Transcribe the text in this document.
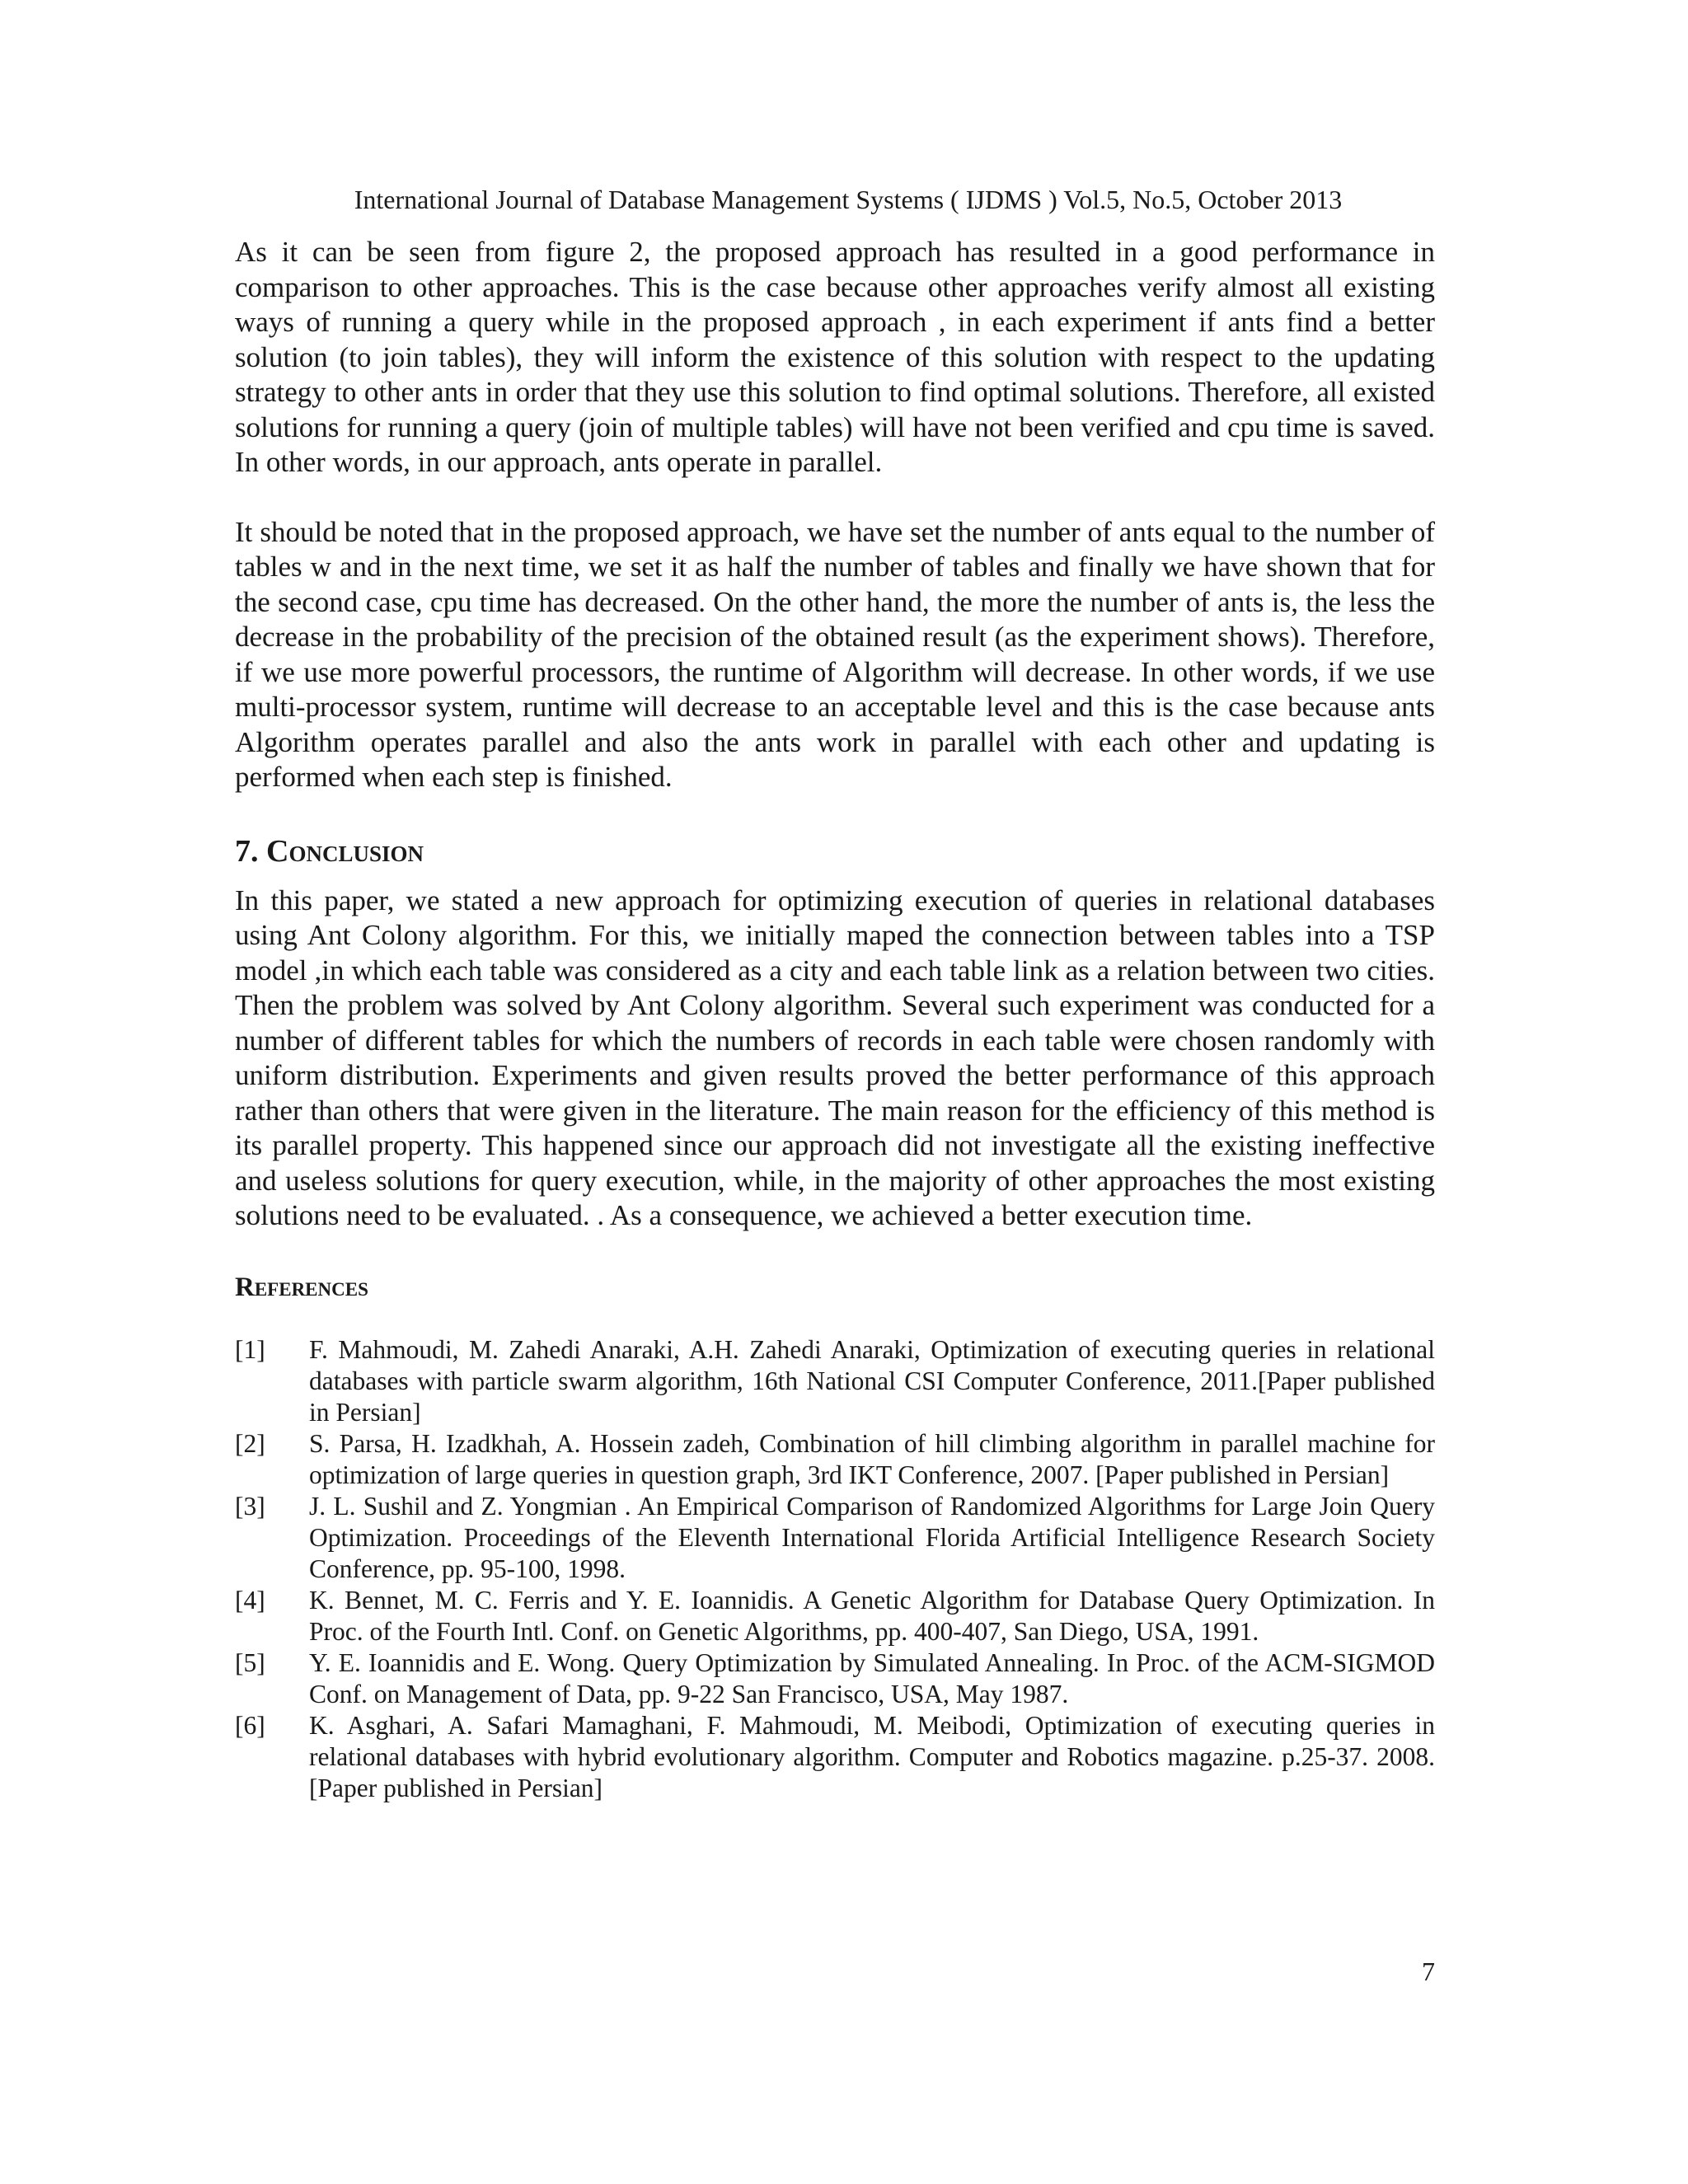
International Journal of Database Management Systems ( IJDMS ) Vol.5, No.5, October 2013

As it can be seen from figure 2, the proposed approach has resulted in a good performance in comparison to other approaches. This is the case because other approaches verify almost all existing ways of running a query while in the proposed approach , in each experiment if ants find a better solution (to join tables), they will inform the existence of this solution with respect to the updating strategy to other ants in order that they use this solution to find optimal solutions. Therefore, all existed solutions for running a query (join of multiple tables) will have not been verified and cpu time is saved. In other words, in our approach, ants operate in parallel.

It should be noted that in the proposed approach, we have set the number of ants equal to the number of tables w and in the next time, we set it as half the number of tables and finally we have shown that for the second case, cpu time has decreased. On the other hand, the more the number of ants is, the less the decrease in the probability of the precision of the obtained result (as the experiment shows). Therefore, if we use more powerful processors, the runtime of Algorithm will decrease. In other words, if we use multi-processor system, runtime will decrease to an acceptable level and this is the case because ants Algorithm operates parallel and also the ants work in parallel with each other and updating is performed when each step is finished.

7. Conclusion

In this paper, we stated a new approach for optimizing execution of queries in relational databases using Ant Colony algorithm. For this, we initially maped the connection between tables into a TSP model ,in which each table was considered as a city and each table link as a relation between two cities. Then the problem was solved by Ant Colony algorithm. Several such experiment was conducted for a number of different tables for which the numbers of records in each table were chosen randomly with uniform distribution. Experiments and given results proved the better performance of this approach rather than others that were given in the literature. The main reason for the efficiency of this method is its parallel property. This happened since our approach did not investigate all the existing ineffective and useless solutions for query execution, while, in the majority of other approaches the most existing solutions need to be evaluated. . As a consequence, we achieved a better execution time.

References
[1]	F. Mahmoudi, M. Zahedi Anaraki, A.H. Zahedi Anaraki, Optimization of executing queries in relational databases with particle swarm algorithm, 16th National CSI Computer Conference, 2011.[Paper published in Persian]
[2]	S. Parsa, H. Izadkhah, A. Hossein zadeh, Combination of hill climbing algorithm in parallel machine for optimization of large queries in question graph, 3rd IKT Conference, 2007. [Paper published in Persian]
[3]	J. L. Sushil and Z. Yongmian . An Empirical Comparison of Randomized Algorithms for Large Join Query Optimization. Proceedings of the Eleventh International Florida Artificial Intelligence Research Society Conference, pp. 95-100, 1998.
[4]	K. Bennet, M. C. Ferris and Y. E. Ioannidis. A Genetic Algorithm for Database Query Optimization. In Proc. of the Fourth Intl. Conf. on Genetic Algorithms, pp. 400-407, San Diego, USA, 1991.
[5]	Y. E. Ioannidis and E. Wong. Query Optimization by Simulated Annealing. In Proc. of the ACM-SIGMOD Conf. on Management of Data, pp. 9-22 San Francisco, USA, May 1987.
[6]	K. Asghari, A. Safari Mamaghani, F. Mahmoudi, M. Meibodi, Optimization of executing queries in relational databases with hybrid evolutionary algorithm. Computer and Robotics magazine. p.25-37. 2008. [Paper published in Persian]
7
